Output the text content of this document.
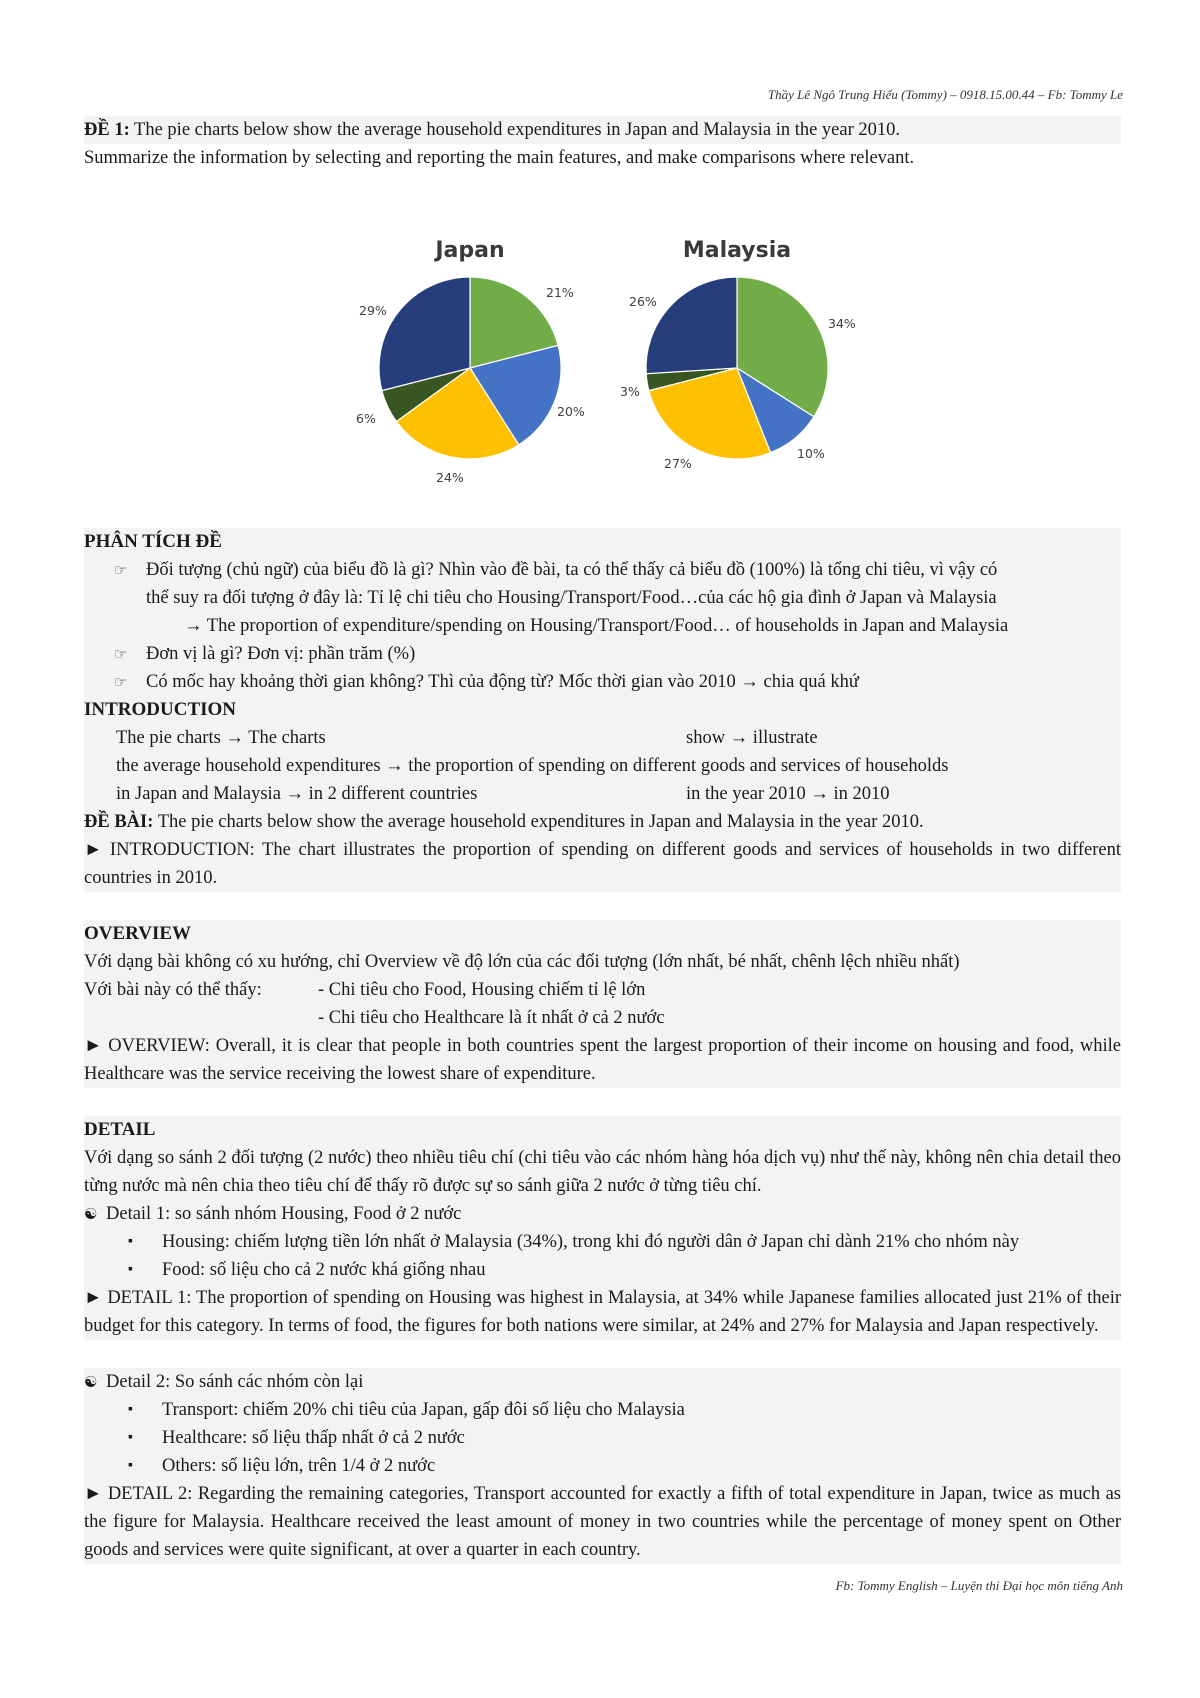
Thầy Lê Ngô Trung Hiếu (Tommy) – 0918.15.00.44 – Fb: Tommy Le
ĐỀ 1: The pie charts below show the average household expenditures in Japan and Malaysia in the year 2010.
Summarize the information by selecting and reporting the main features, and make comparisons where relevant.
Japan	Malaysia
21%
20%
24%
6%
29%
34%
10%
27%
3%
26%
PHÂN TÍCH ĐỀ
☞ Đối tượng (chủ ngữ) của biểu đồ là gì? Nhìn vào đề bài, ta có thể thấy cả biểu đồ (100%) là tổng chi tiêu, vì vậy có
thể suy ra đối tượng ở đây là: Tỉ lệ chi tiêu cho Housing/Transport/Food…của các hộ gia đình ở Japan và Malaysia
→ The proportion of expenditure/spending on Housing/Transport/Food… of households in Japan and Malaysia
☞ Đơn vị là gì? Đơn vị: phần trăm (%)
☞ Có mốc hay khoảng thời gian không? Thì của động từ? Mốc thời gian vào 2010 → chia quá khứ
INTRODUCTION
The pie charts → The charts	show → illustrate
the average household expenditures → the proportion of spending on different goods and services of households
in Japan and Malaysia → in 2 different countries	in the year 2010 → in 2010
ĐỀ BÀI: The pie charts below show the average household expenditures in Japan and Malaysia in the year 2010.
► INTRODUCTION: The chart illustrates the proportion of spending on different goods and services of households in two different countries in 2010.
OVERVIEW
Với dạng bài không có xu hướng, chỉ Overview về độ lớn của các đối tượng (lớn nhất, bé nhất, chênh lệch nhiều nhất)
Với bài này có thể thấy:	- Chi tiêu cho Food, Housing chiếm tỉ lệ lớn
- Chi tiêu cho Healthcare là ít nhất ở cả 2 nước
► OVERVIEW: Overall, it is clear that people in both countries spent the largest proportion of their income on housing and food, while Healthcare was the service receiving the lowest share of expenditure.
DETAIL
Với dạng so sánh 2 đối tượng (2 nước) theo nhiều tiêu chí (chi tiêu vào các nhóm hàng hóa dịch vụ) như thế này, không nên chia detail theo từng nước mà nên chia theo tiêu chí để thấy rõ được sự so sánh giữa 2 nước ở từng tiêu chí.
☯ Detail 1: so sánh nhóm Housing, Food ở 2 nước
▪	Housing: chiếm lượng tiền lớn nhất ở Malaysia (34%), trong khi đó người dân ở Japan chỉ dành 21% cho nhóm này
▪	Food: số liệu cho cả 2 nước khá giống nhau
► DETAIL 1: The proportion of spending on Housing was highest in Malaysia, at 34% while Japanese families allocated just 21% of their budget for this category. In terms of food, the figures for both nations were similar, at 24% and 27% for Malaysia and Japan respectively.
☯ Detail 2: So sánh các nhóm còn lại
▪	Transport: chiếm 20% chi tiêu của Japan, gấp đôi số liệu cho Malaysia
▪	Healthcare: số liệu thấp nhất ở cả 2 nước
▪	Others: số liệu lớn, trên 1/4 ở 2 nước
► DETAIL 2: Regarding the remaining categories, Transport accounted for exactly a fifth of total expenditure in Japan, twice as much as the figure for Malaysia. Healthcare received the least amount of money in two countries while the percentage of money spent on Other goods and services were quite significant, at over a quarter in each country.
Fb: Tommy English – Luyện thi Đại học môn tiếng Anh
